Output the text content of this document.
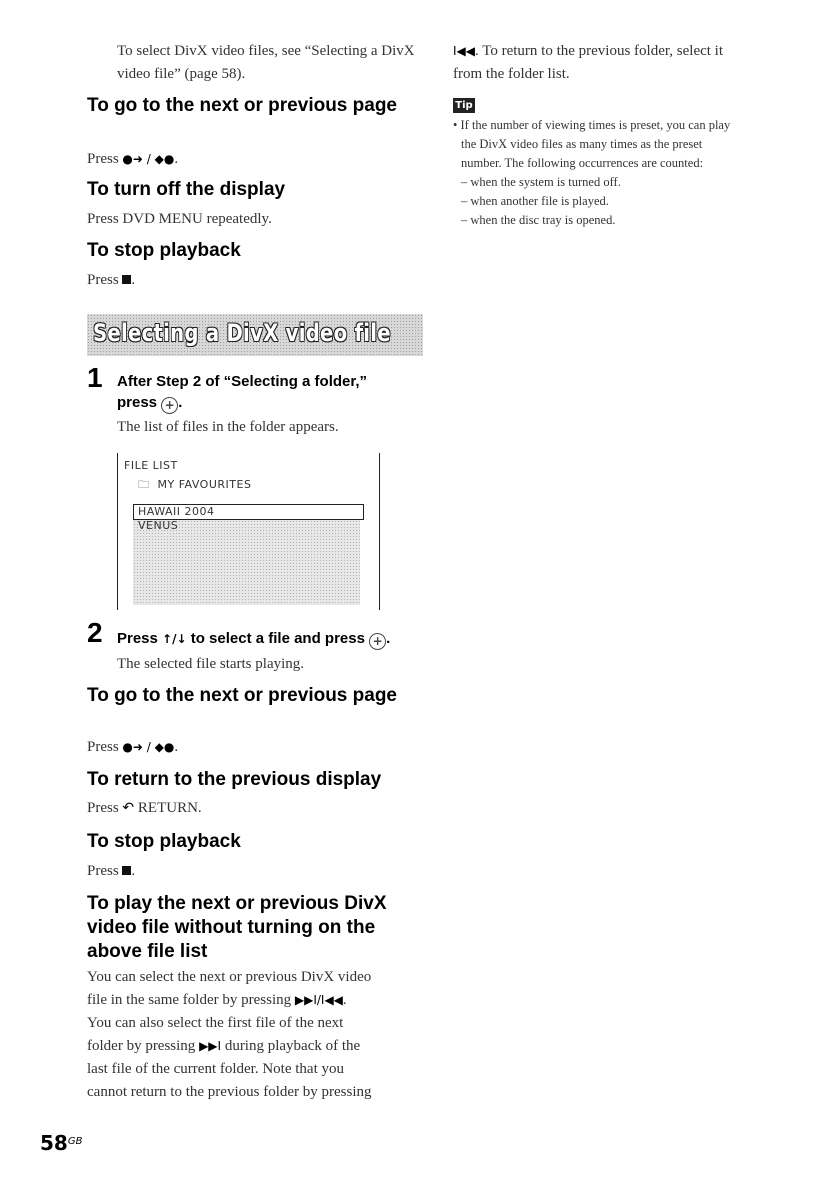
To select DivX video files, see “Selecting a DivX video file” (page 58).
To go to the next or previous page
Press ●➜ / ◆●.
To turn off the display
Press DVD MENU repeatedly.
To stop playback
Press .
Selecting a DivX video file
1 After Step 2 of “Selecting a folder,”
press + .
The list of files in the folder appears.
FILE LIST
🗀 MY FAVOURITES
HAWAII 2004
VENUS
2 Press ↑/↓ to select a file and press + .
The selected file starts playing.
To go to the next or previous page
Press ●➜ / ◆●.
To return to the previous display
Press ↶ RETURN.
To stop playback
Press .
To play the next or previous DivX video file without turning on the above file list
You can select the next or previous DivX video
file in the same folder by pressing ▶▶I/I◀◀.
You can also select the first file of the next
folder by pressing ▶▶I during playback of the
last file of the current folder. Note that you
cannot return to the previous folder by pressing
I◀◀. To return to the previous folder, select it
from the folder list.
Tip
• If the number of viewing times is preset, you can play
the DivX video files as many times as the preset
number. The following occurrences are counted:
– when the system is turned off.
– when another file is played.
– when the disc tray is opened.
$58^{GB}$
